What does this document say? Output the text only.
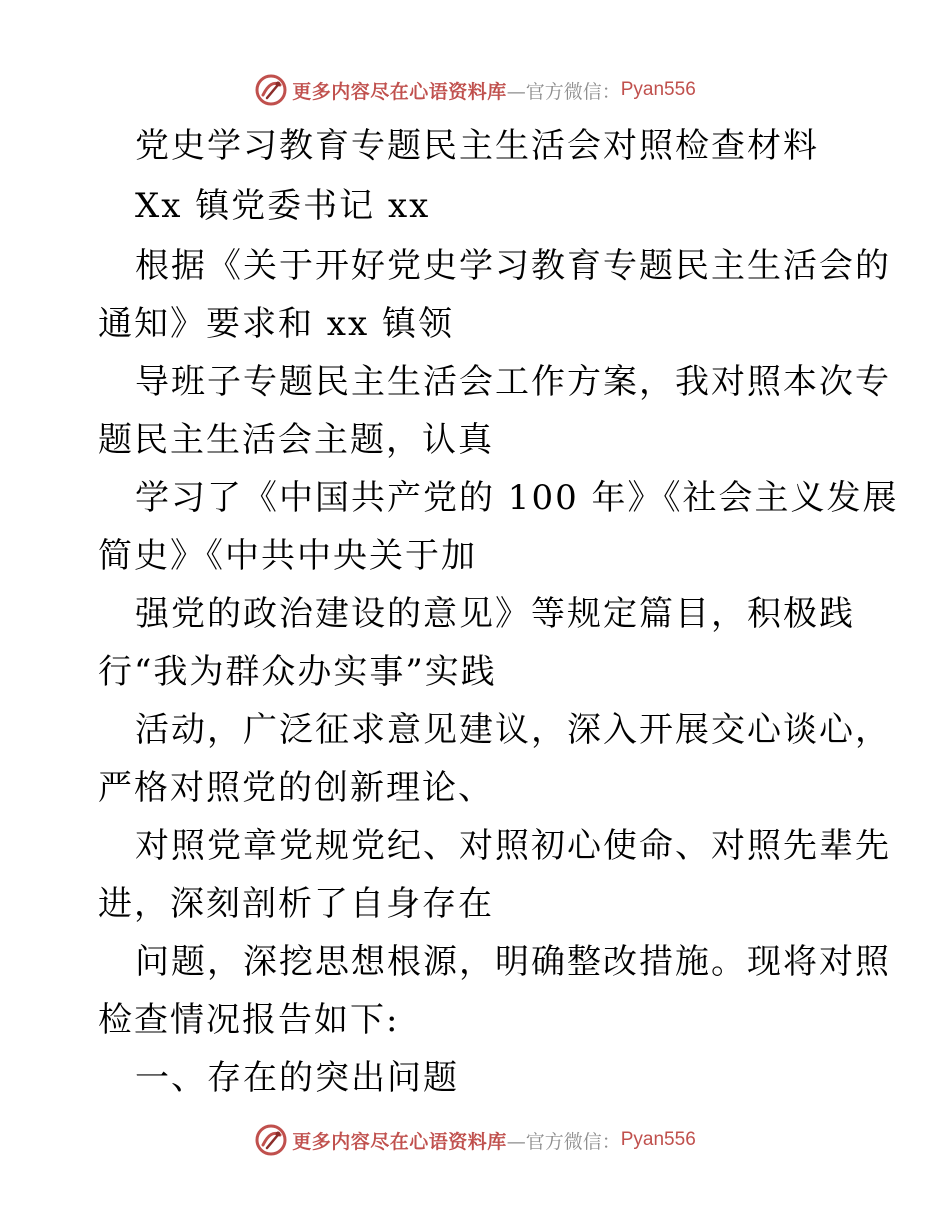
更多内容尽在心语资料库 —官方微信： Pyan556
党史学习教育专题民主生活会对照检查材料
Xx 镇党委书记 xx
根据《关于开好党史学习教育专题民主生活会的
通知》要求和 xx 镇领
导班子专题民主生活会工作方案，我对照本次专
题民主生活会主题，认真
学习了《中国共产党的 100 年》《社会主义发展
简史》《中共中央关于加
强党的政治建设的意见》等规定篇目，积极践
行“我为群众办实事”实践
活动，广泛征求意见建议，深入开展交心谈心，
严格对照党的创新理论、
对照党章党规党纪、对照初心使命、对照先辈先
进，深刻剖析了自身存在
问题，深挖思想根源，明确整改措施。现将对照
检查情况报告如下:
一、存在的突出问题
更多内容尽在心语资料库 —官方微信： Pyan556
